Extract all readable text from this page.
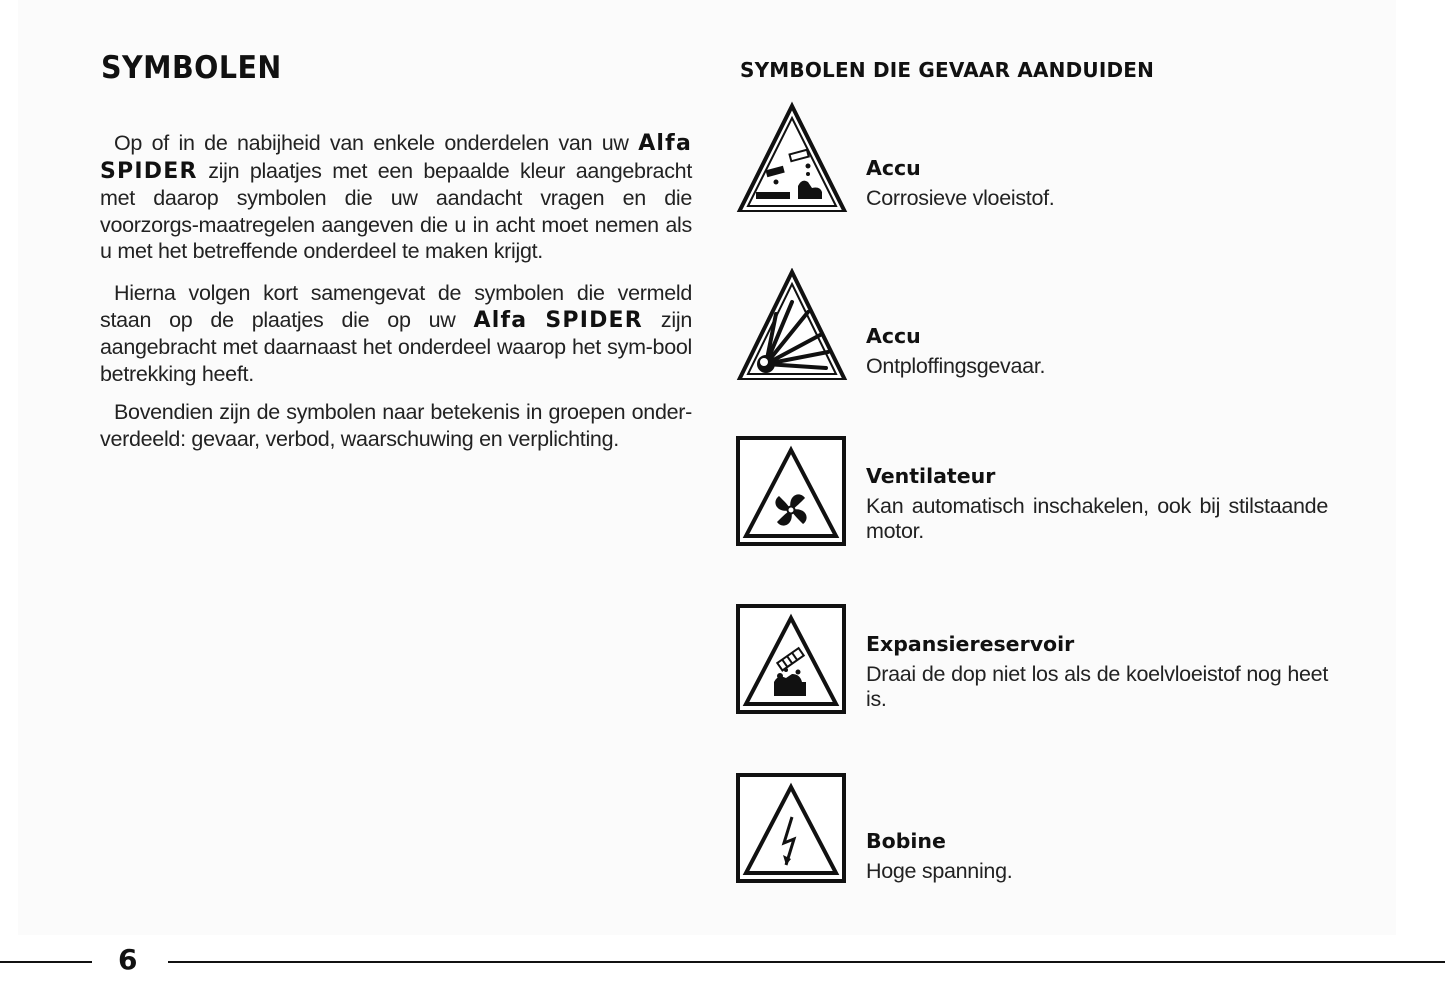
SYMBOLEN

Op of in de nabijheid van enkele onderdelen van uw Alfa SPIDER zijn plaatjes met een bepaalde kleur aangebracht met daarop symbolen die uw aandacht vragen en die voorzorgs-maatregelen aangeven die u in acht moet nemen als u met het betreffende onderdeel te maken krijgt.

Hierna volgen kort samengevat de symbolen die vermeld staan op de plaatjes die op uw Alfa SPIDER zijn aangebracht met daarnaast het onderdeel waarop het sym-bool betrekking heeft.

Bovendien zijn de symbolen naar betekenis in groepen onder-verdeeld: gevaar, verbod, waarschuwing en verplichting.

SYMBOLEN DIE GEVAAR AANDUIDEN
Accu
Corrosieve vloeistof.
Accu
Ontploffingsgevaar.
Ventilateur
Kan automatisch inschakelen, ook bij stilstaande motor.
Expansiereservoir
Draai de dop niet los als de koelvloeistof nog heet is.
Bobine
Hoge spanning.
6
